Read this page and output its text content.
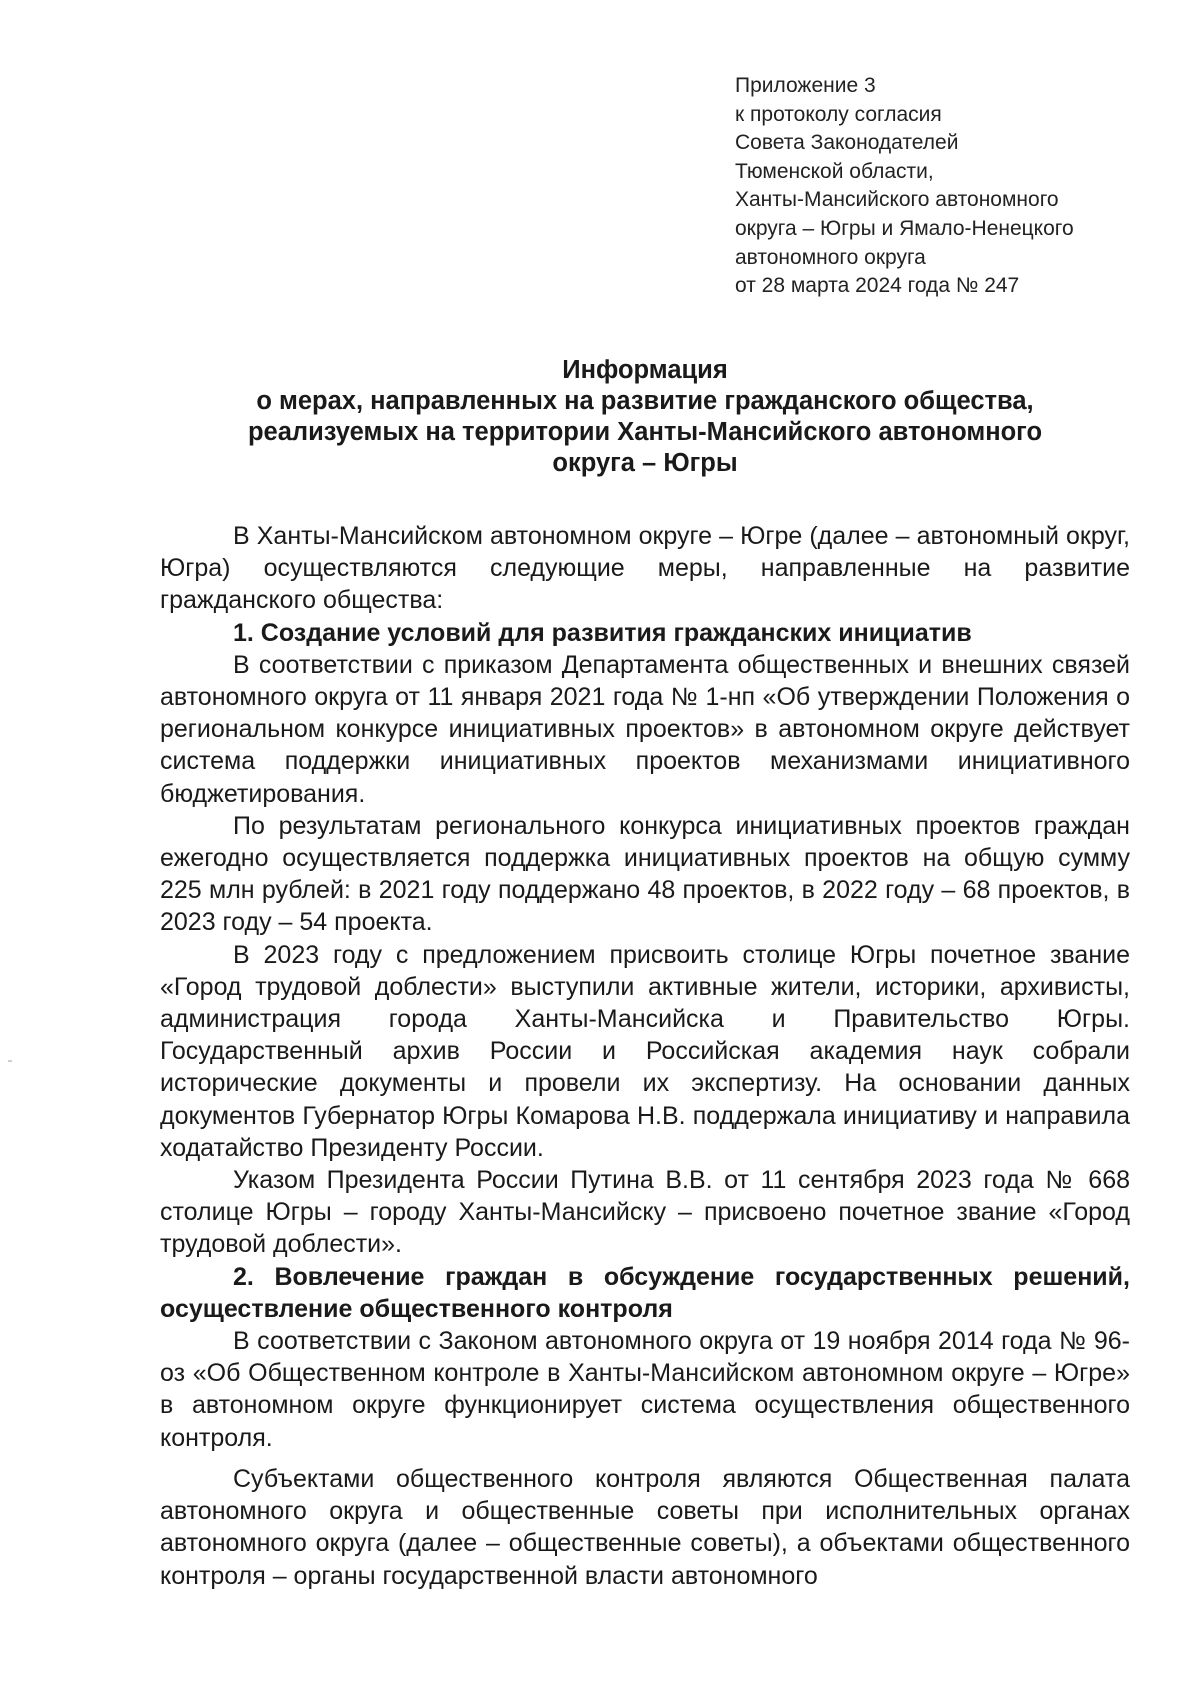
Приложение 3
к протоколу согласия
Совета Законодателей
Тюменской области,
Ханты-Мансийского автономного
округа – Югры и Ямало-Ненецкого
автономного округа
от 28 марта 2024 года № 247
Информация
о мерах, направленных на развитие гражданского общества,
реализуемых на территории Ханты-Мансийского автономного
округа – Югры

В Ханты-Мансийском автономном округе – Югре (далее – автономный округ, Югра) осуществляются следующие меры, направленные на развитие гражданского общества:

1. Создание условий для развития гражданских инициатив

В соответствии с приказом Департамента общественных и внешних связей автономного округа от 11 января 2021 года № 1-нп «Об утверждении Положения о региональном конкурсе инициативных проектов» в автономном округе действует система поддержки инициативных проектов механизмами инициативного бюджетирования.

По результатам регионального конкурса инициативных проектов граждан ежегодно осуществляется поддержка инициативных проектов на общую сумму 225 млн рублей: в 2021 году поддержано 48 проектов, в 2022 году – 68 проектов, в 2023 году – 54 проекта.

В 2023 году с предложением присвоить столице Югры почетное звание «Город трудовой доблести» выступили активные жители, историки, архивисты, администрация города Ханты-Мансийска и Правительство Югры. Государственный архив России и Российская академия наук собрали исторические документы и провели их экспертизу. На основании данных документов Губернатор Югры Комарова Н.В. поддержала инициативу и направила ходатайство Президенту России.

Указом Президента России Путина В.В. от 11 сентября 2023 года № 668 столице Югры – городу Ханты-Мансийску – присвоено почетное звание «Город трудовой доблести».

2. Вовлечение граждан в обсуждение государственных решений, осуществление общественного контроля

В соответствии с Законом автономного округа от 19 ноября 2014 года № 96-оз «Об Общественном контроле в Ханты-Мансийском автономном округе – Югре» в автономном округе функционирует система осуществления общественного контроля.

Субъектами общественного контроля являются Общественная палата автономного округа и общественные советы при исполнительных органах автономного округа (далее – общественные советы), а объектами общественного контроля – органы государственной власти автономного
